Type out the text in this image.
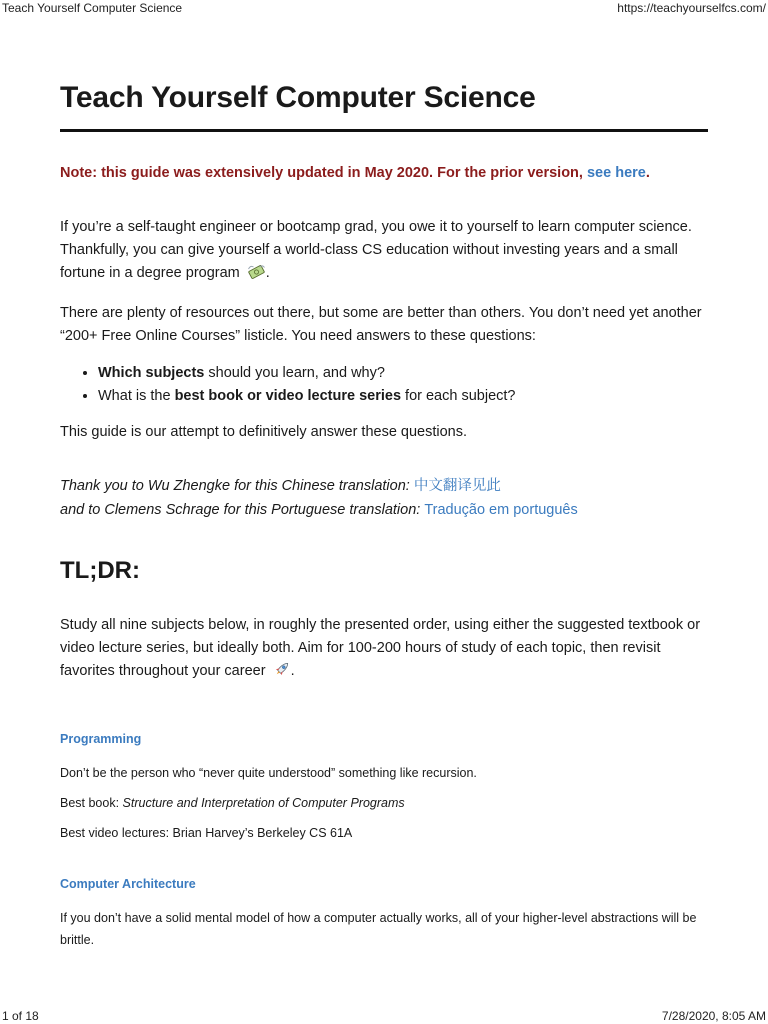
Teach Yourself Computer Science	https://teachyourselfcs.com/
Teach Yourself Computer Science

Note: this guide was extensively updated in May 2020. For the prior version, see here.

If you’re a self-taught engineer or bootcamp grad, you owe it to yourself to learn computer science. Thankfully, you can give yourself a world-class CS education without investing years and a small fortune in a degree program .

There are plenty of resources out there, but some are better than others. You don’t need yet another “200+ Free Online Courses” listicle. You need answers to these questions:

• Which subjects should you learn, and why?
• What is the best book or video lecture series for each subject?

This guide is our attempt to definitively answer these questions.

Thank you to Wu Zhengke for this Chinese translation: 中文翻译见此
and to Clemens Schrage for this Portuguese translation: Tradução em português
TL;DR:

Study all nine subjects below, in roughly the presented order, using either the suggested textbook or video lecture series, but ideally both. Aim for 100-200 hours of study of each topic, then revisit favorites throughout your career .

Programming

Don’t be the person who “never quite understood” something like recursion.

Best book: Structure and Interpretation of Computer Programs

Best video lectures: Brian Harvey’s Berkeley CS 61A

Computer Architecture

If you don’t have a solid mental model of how a computer actually works, all of your higher-level abstractions will be brittle.

1 of 18	7/28/2020, 8:05 AM
